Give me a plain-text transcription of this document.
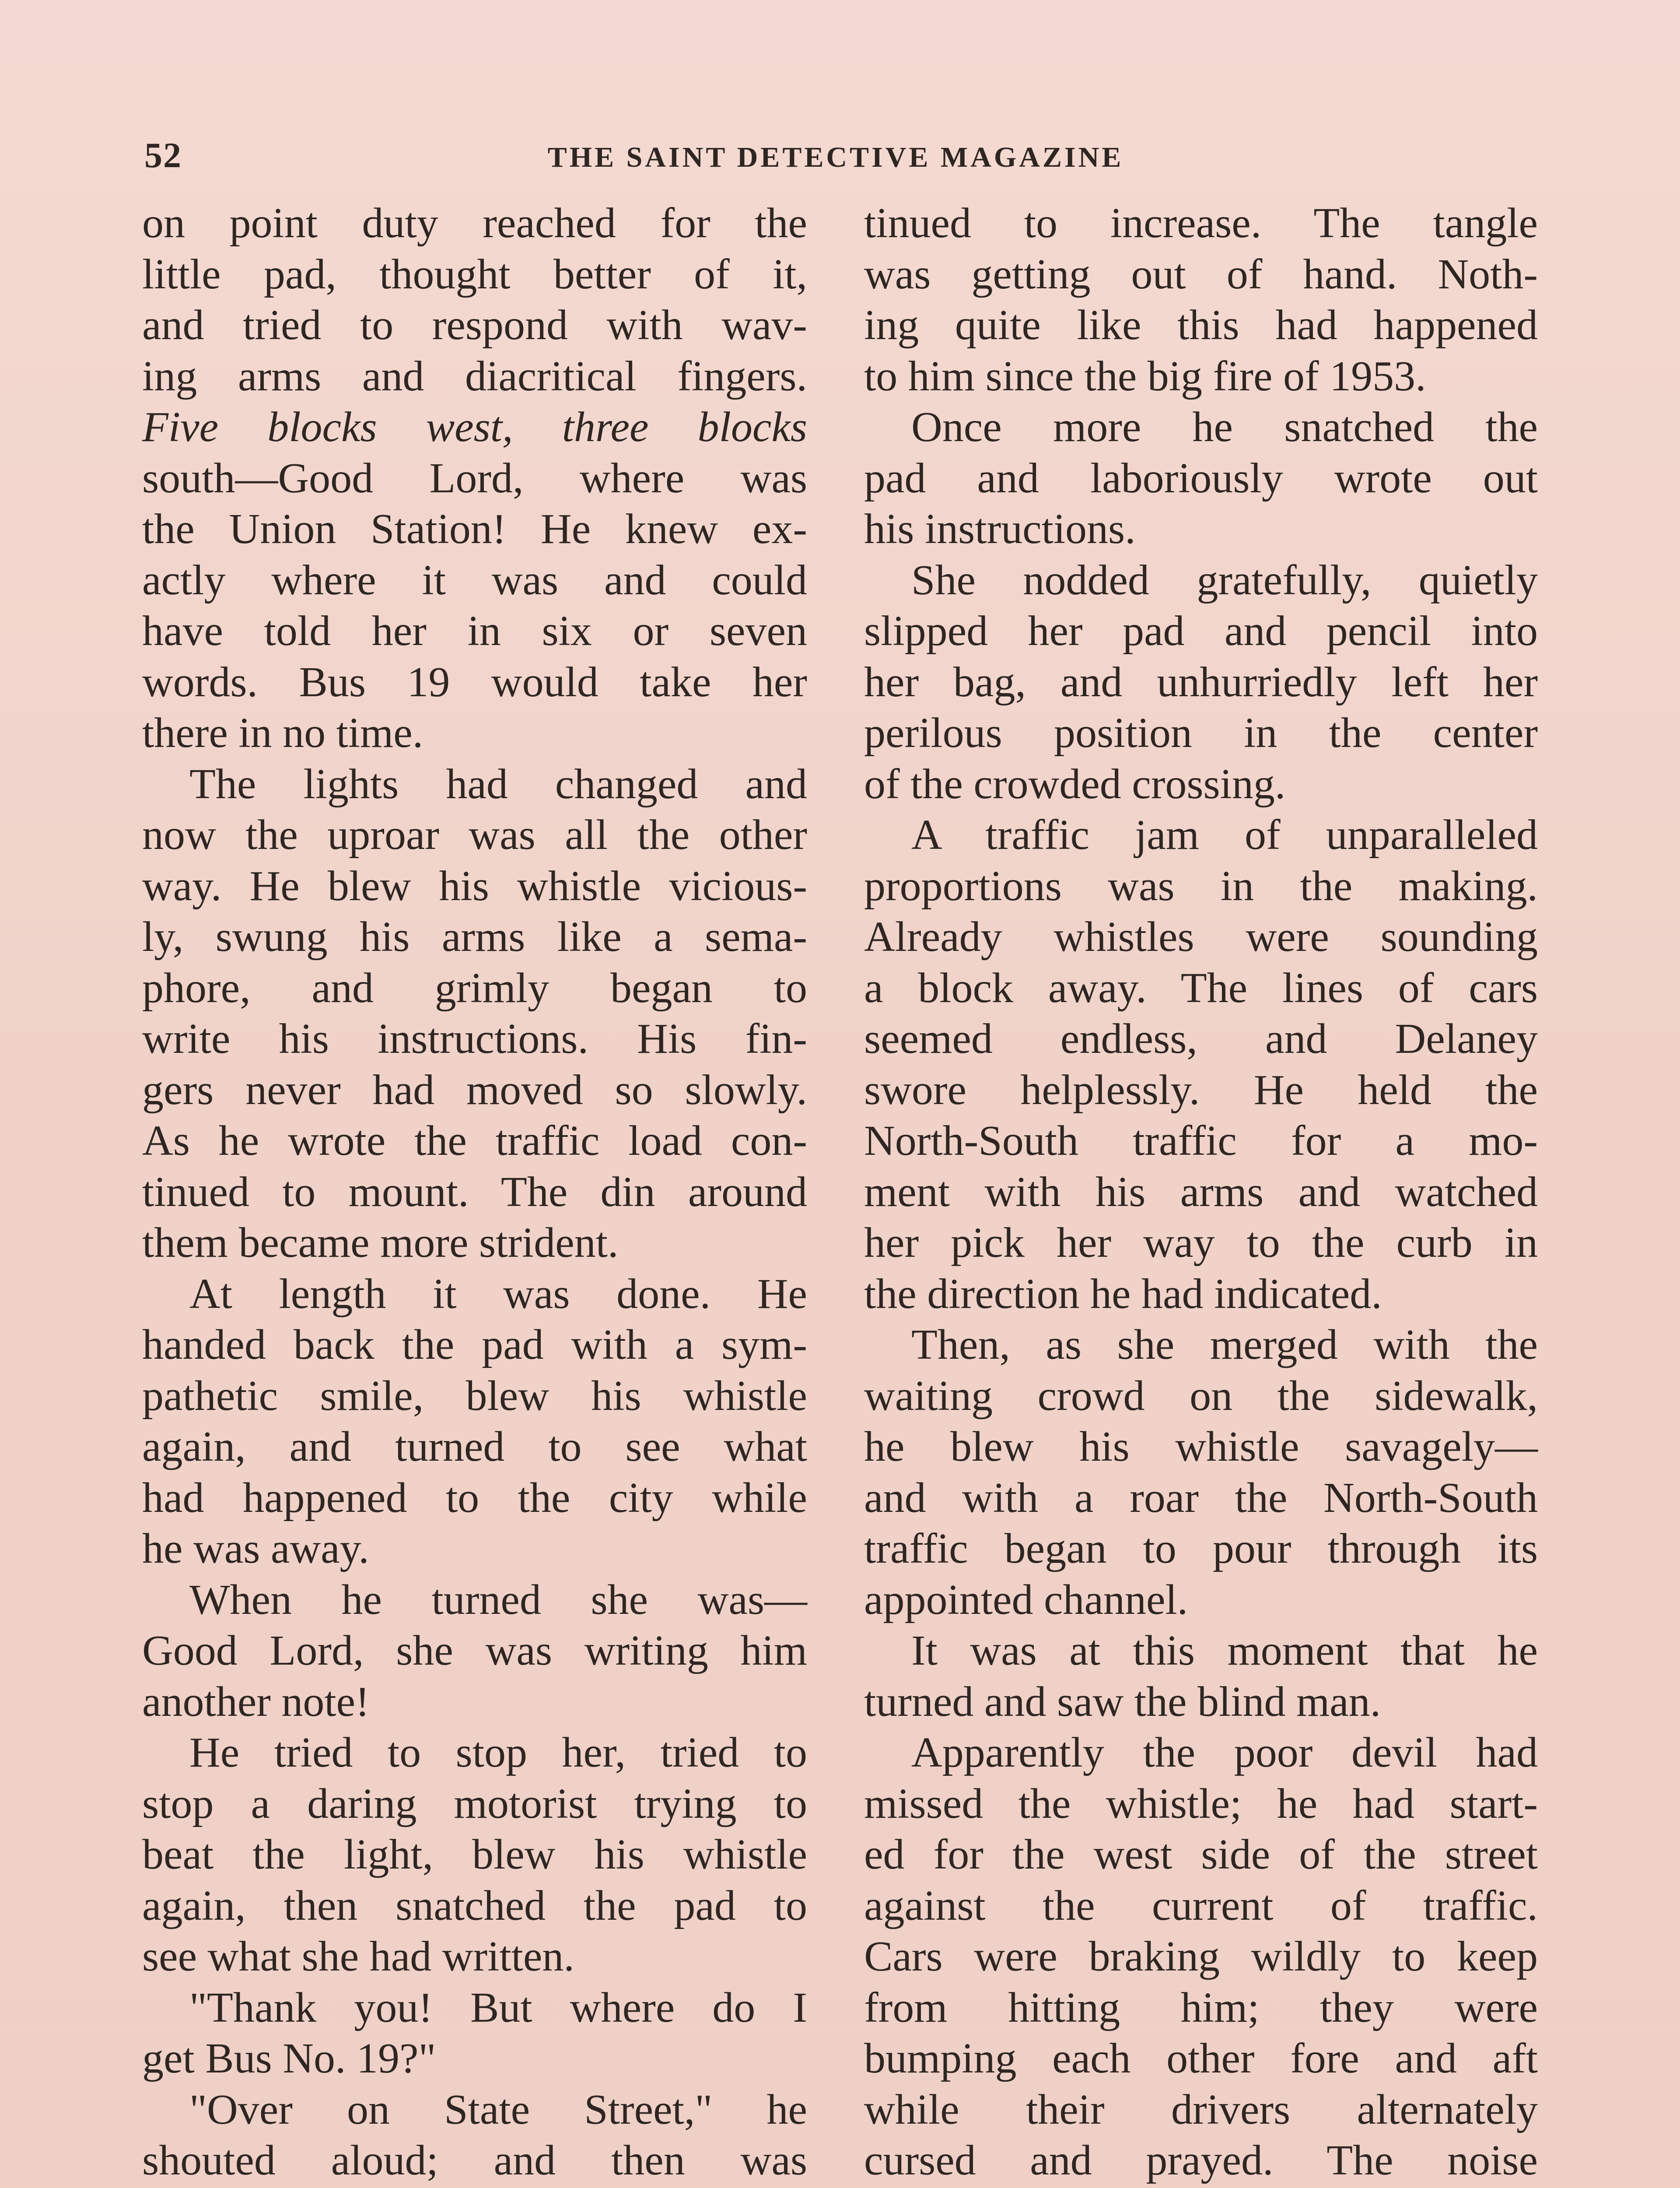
52	THE SAINT DETECTIVE MAGAZINE
on point duty reached for the
little pad, thought better of it,
and tried to respond with wav-
ing arms and diacritical fingers.
Five blocks west, three blocks
south—Good Lord, where was
the Union Station! He knew ex-
actly where it was and could
have told her in six or seven
words. Bus 19 would take her
there in no time.
The lights had changed and
now the uproar was all the other
way. He blew his whistle vicious-
ly, swung his arms like a sema-
phore, and grimly began to
write his instructions. His fin-
gers never had moved so slowly.
As he wrote the traffic load con-
tinued to mount. The din around
them became more strident.
At length it was done. He
handed back the pad with a sym-
pathetic smile, blew his whistle
again, and turned to see what
had happened to the city while
he was away.
When he turned she was—
Good Lord, she was writing him
another note!
He tried to stop her, tried to
stop a daring motorist trying to
beat the light, blew his whistle
again, then snatched the pad to
see what she had written.
"Thank you! But where do I
get Bus No. 19?"
"Over on State Street," he
shouted aloud; and then was
tinued to increase. The tangle
was getting out of hand. Noth-
ing quite like this had happened
to him since the big fire of 1953.
Once more he snatched the
pad and laboriously wrote out
his instructions.
She nodded gratefully, quietly
slipped her pad and pencil into
her bag, and unhurriedly left her
perilous position in the center
of the crowded crossing.
A traffic jam of unparalleled
proportions was in the making.
Already whistles were sounding
a block away. The lines of cars
seemed endless, and Delaney
swore helplessly. He held the
North-South traffic for a mo-
ment with his arms and watched
her pick her way to the curb in
the direction he had indicated.
Then, as she merged with the
waiting crowd on the sidewalk,
he blew his whistle savagely—
and with a roar the North-South
traffic began to pour through its
appointed channel.
It was at this moment that he
turned and saw the blind man.
Apparently the poor devil had
missed the whistle; he had start-
ed for the west side of the street
against the current of traffic.
Cars were braking wildly to keep
from hitting him; they were
bumping each other fore and aft
while their drivers alternately
cursed and prayed. The noise
